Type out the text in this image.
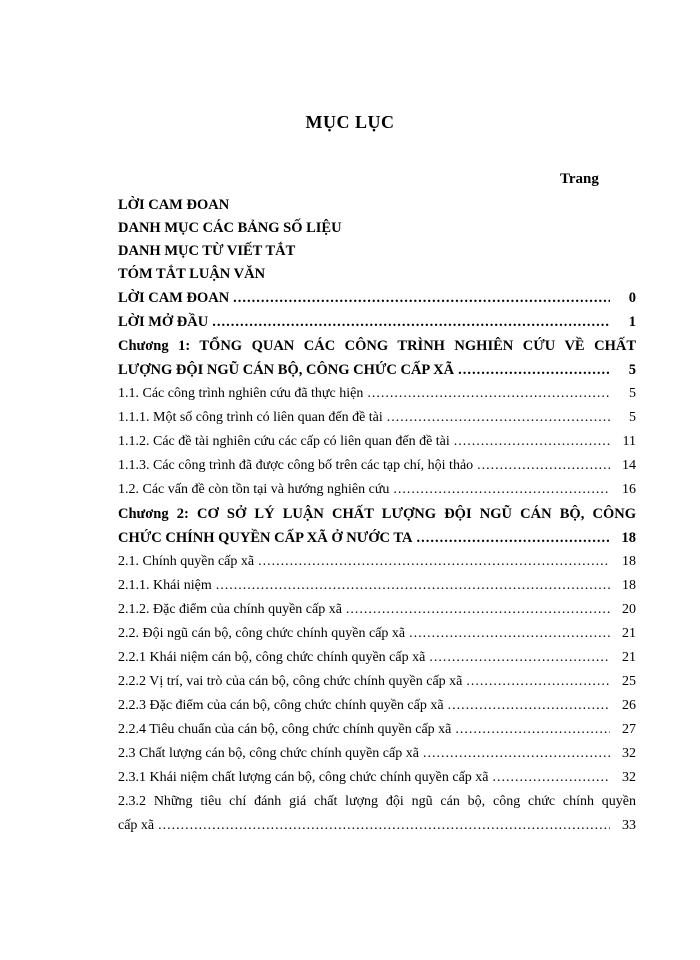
MỤC LỤC
Trang
LỜI CAM ĐOAN
DANH MỤC CÁC BẢNG SỐ LIỆU
DANH MỤC TỪ VIẾT TẮT
TÓM TẮT LUẬN VĂN
LỜI CAM ĐOAN .....	0
LỜI MỞ ĐẦU .....	1
Chương 1: TỔNG QUAN CÁC CÔNG TRÌNH NGHIÊN CỨU VỀ CHẤT
LƯỢNG ĐỘI NGŨ CÁN BỘ, CÔNG CHỨC CẤP XÃ .....	5
1.1. Các công trình nghiên cứu đã thực hiện .....	5
1.1.1. Một số công trình có liên quan đến đề tài .....	5
1.1.2. Các đề tài nghiên cứu các cấp có liên quan đến đề tài .....	11
1.1.3. Các công trình đã được công bố trên các tạp chí, hội thảo .....	14
1.2. Các vấn đề còn tồn tại và hướng nghiên cứu .....	16
Chương 2: CƠ SỞ LÝ LUẬN CHẤT LƯỢNG ĐỘI NGŨ CÁN BỘ, CÔNG
CHỨC CHÍNH QUYỀN CẤP XÃ Ở NƯỚC TA .....	18
2.1. Chính quyền cấp xã .....	18
2.1.1. Khái niệm .....	18
2.1.2. Đặc điểm của chính quyền cấp xã .....	20
2.2. Đội ngũ cán bộ, công chức chính quyền cấp xã .....	21
2.2.1 Khái niệm cán bộ, công chức chính quyền cấp xã .....	21
2.2.2 Vị trí, vai trò của cán bộ, công chức chính quyền cấp xã .....	25
2.2.3 Đặc điểm của cán bộ, công chức chính quyền cấp xã .....	26
2.2.4 Tiêu chuẩn của cán bộ, công chức chính quyền cấp xã .....	27
2.3 Chất lượng cán bộ, công chức chính quyền cấp xã .....	32
2.3.1 Khái niệm chất lượng cán bộ, công chức chính quyền cấp xã .....	32
2.3.2 Những tiêu chí đánh giá chất lượng đội ngũ cán bộ, công chức chính quyền
cấp xã .....	33
